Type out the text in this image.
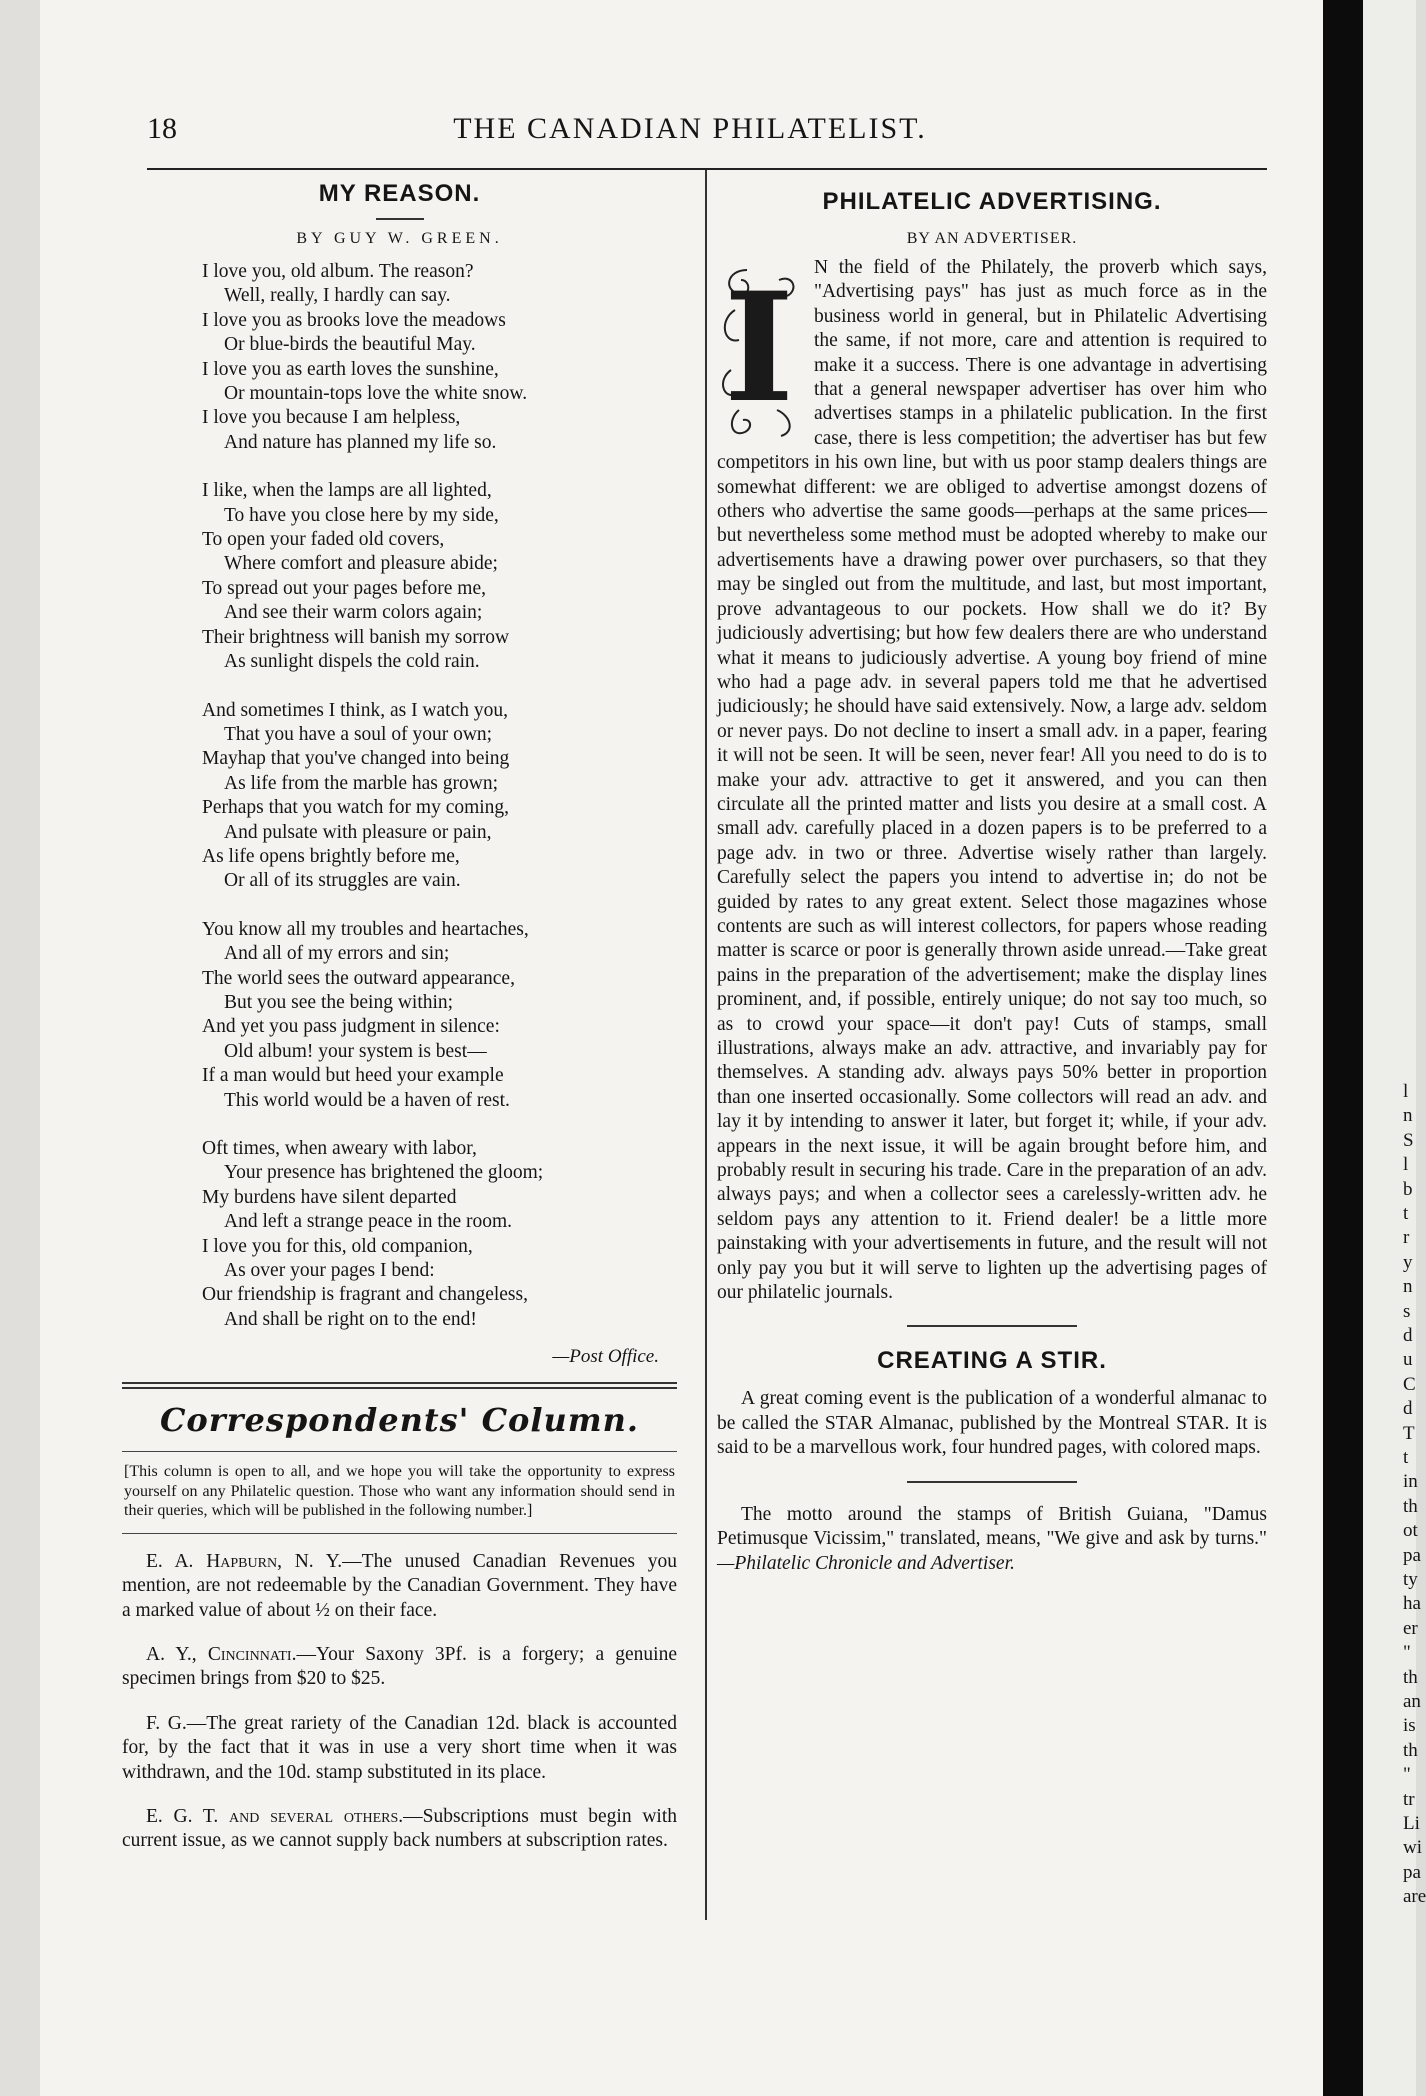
l
n
S
l
b
t
r
y
n
s
d
u
C
d
T
t
in
th
ot
pa
ty
ha
er
"
th
an
is
th
"
tr
Li
wi
pa
are
18	THE CANADIAN PHILATELIST.
MY REASON.
BY GUY W. GREEN.
I love you, old album. The reason?
Well, really, I hardly can say.
I love you as brooks love the meadows
Or blue-birds the beautiful May.
I love you as earth loves the sunshine,
Or mountain-tops love the white snow.
I love you because I am helpless,
And nature has planned my life so.
I like, when the lamps are all lighted,
To have you close here by my side,
To open your faded old covers,
Where comfort and pleasure abide;
To spread out your pages before me,
And see their warm colors again;
Their brightness will banish my sorrow
As sunlight dispels the cold rain.
And sometimes I think, as I watch you,
That you have a soul of your own;
Mayhap that you've changed into being
As life from the marble has grown;
Perhaps that you watch for my coming,
And pulsate with pleasure or pain,
As life opens brightly before me,
Or all of its struggles are vain.
You know all my troubles and heartaches,
And all of my errors and sin;
The world sees the outward appearance,
But you see the being within;
And yet you pass judgment in silence:
Old album! your system is best—
If a man would but heed your example
This world would be a haven of rest.
Oft times, when aweary with labor,
Your presence has brightened the gloom;
My burdens have silent departed
And left a strange peace in the room.
I love you for this, old companion,
As over your pages I bend:
Our friendship is fragrant and changeless,
And shall be right on to the end!
—Post Office.
Correspondents' Column.
[This column is open to all, and we hope you will take the opportunity to express yourself on any Philatelic question. Those who want any information should send in their queries, which will be published in the following number.]

E. A. Hapburn, N. Y.—The unused Canadian Revenues you mention, are not redeemable by the Canadian Government. They have a marked value of about ½ on their face.

A. Y., Cincinnati.—Your Saxony 3Pf. is a forgery; a genuine specimen brings from $20 to $25.

F. G.—The great rariety of the Canadian 12d. black is accounted for, by the fact that it was in use a very short time when it was withdrawn, and the 10d. stamp substituted in its place.

E. G. T. and several others.—Subscriptions must begin with current issue, as we cannot supply back numbers at subscription rates.

PHILATELIC ADVERTISING.
BY AN ADVERTISER.
I N the field of the Philately, the proverb which says, "Advertising pays" has just as much force as in the business world in general, but in Philatelic Advertising the same, if not more, care and attention is required to make it a success. There is one advantage in advertising that a general newspaper advertiser has over him who advertises stamps in a philatelic publication. In the first case, there is less competition; the advertiser has but few competitors in his own line, but with us poor stamp dealers things are somewhat different: we are obliged to advertise amongst dozens of others who advertise the same goods—perhaps at the same prices—but nevertheless some method must be adopted whereby to make our advertisements have a drawing power over purchasers, so that they may be singled out from the multitude, and last, but most important, prove advantageous to our pockets. How shall we do it? By judiciously advertising; but how few dealers there are who understand what it means to judiciously advertise. A young boy friend of mine who had a page adv. in several papers told me that he advertised judiciously; he should have said extensively. Now, a large adv. seldom or never pays. Do not decline to insert a small adv. in a paper, fearing it will not be seen. It will be seen, never fear! All you need to do is to make your adv. attractive to get it answered, and you can then circulate all the printed matter and lists you desire at a small cost. A small adv. carefully placed in a dozen papers is to be preferred to a page adv. in two or three. Advertise wisely rather than largely. Carefully select the papers you intend to advertise in; do not be guided by rates to any great extent. Select those magazines whose contents are such as will interest collectors, for papers whose reading matter is scarce or poor is generally thrown aside unread.—Take great pains in the preparation of the advertisement; make the display lines prominent, and, if possible, entirely unique; do not say too much, so as to crowd your space—it don't pay! Cuts of stamps, small illustrations, always make an adv. attractive, and invariably pay for themselves. A standing adv. always pays 50% better in proportion than one inserted occasionally. Some collectors will read an adv. and lay it by intending to answer it later, but forget it; while, if your adv. appears in the next issue, it will be again brought before him, and probably result in securing his trade. Care in the preparation of an adv. always pays; and when a collector sees a carelessly-written adv. he seldom pays any attention to it. Friend dealer! be a little more painstaking with your advertisements in future, and the result will not only pay you but it will serve to lighten up the advertising pages of our philatelic journals.
CREATING A STIR.
A great coming event is the publication of a wonderful almanac to be called the STAR Almanac, published by the Montreal STAR. It is said to be a marvellous work, four hundred pages, with colored maps.
The motto around the stamps of British Guiana, "Damus Petimusque Vicissim," translated, means, "We give and ask by turns." —Philatelic Chronicle and Advertiser.
